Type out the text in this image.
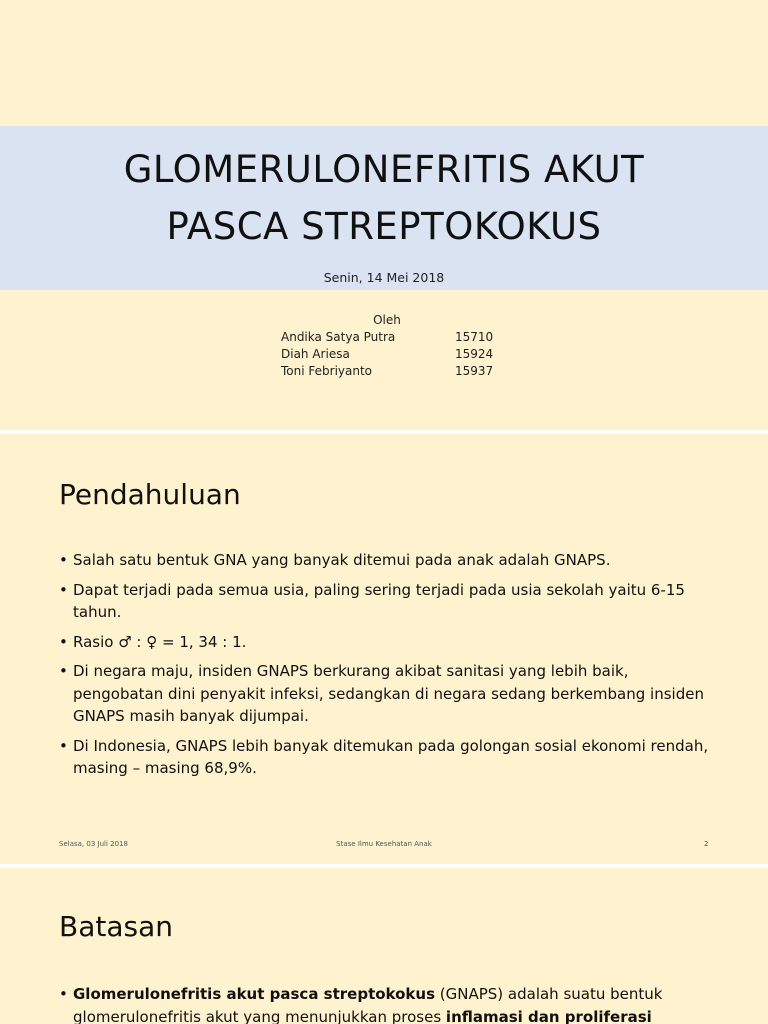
GLOMERULONEFRITIS AKUT
PASCA STREPTOKOKUS
Senin, 14 Mei 2018
Oleh
Andika Satya Putra	15710
Diah Ariesa	15924
Toni Febriyanto	15937
Pendahuluan
• Salah satu bentuk GNA yang banyak ditemui pada anak adalah GNAPS.
• Dapat terjadi pada semua usia, paling sering terjadi pada usia sekolah yaitu 6-15 tahun.
• Rasio ♂ : ♀ = 1, 34 : 1.
• Di negara maju, insiden GNAPS berkurang akibat sanitasi yang lebih baik, pengobatan dini penyakit infeksi, sedangkan di negara sedang berkembang insiden GNAPS masih banyak dijumpai.
• Di Indonesia, GNAPS lebih banyak ditemukan pada golongan sosial ekonomi rendah, masing – masing 68,9%.
Selasa, 03 Juli 2018	Stase Ilmu Kesehatan Anak	2
Batasan
• Glomerulonefritis akut pasca streptokokus (GNAPS) adalah suatu bentuk glomerulonefritis akut yang menunjukkan proses inflamasi dan proliferasi
